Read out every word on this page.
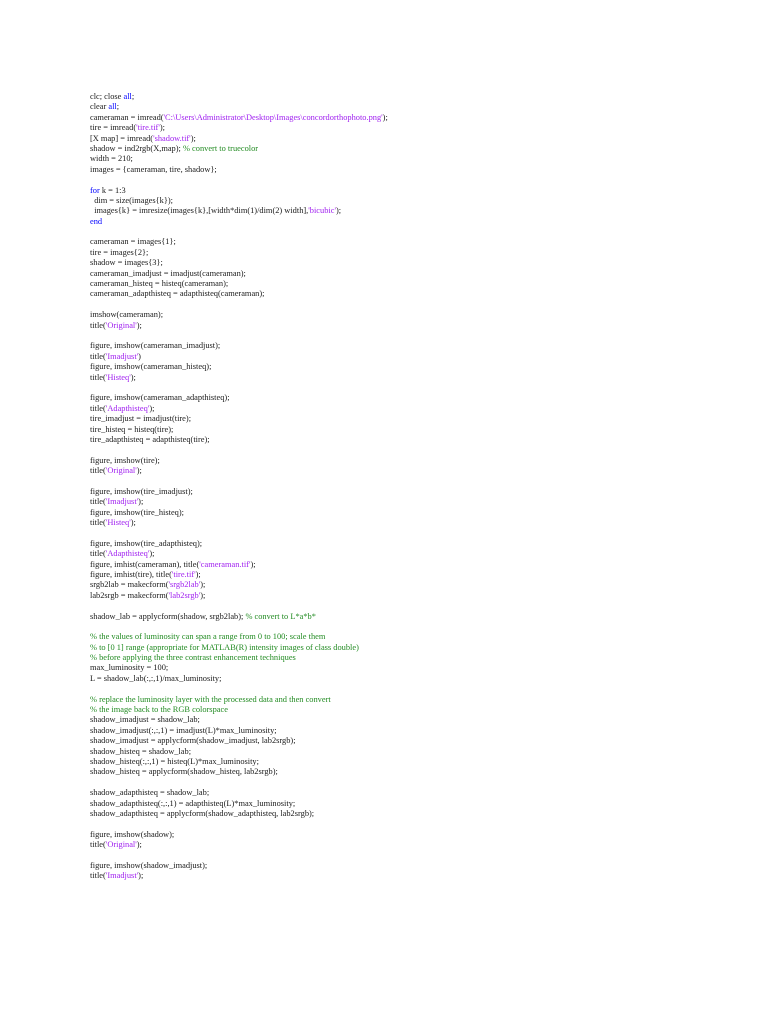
clc; close all;
clear all;
cameraman = imread('C:\Users\Administrator\Desktop\Images\concordorthophoto.png');
tire = imread('tire.tif');
[X map] = imread('shadow.tif');
shadow = ind2rgb(X,map); % convert to truecolor
width = 210;
images = {cameraman, tire, shadow};
for k = 1:3
dim = size(images{k});
images{k} = imresize(images{k},[width*dim(1)/dim(2) width],'bicubic');
end
cameraman = images{1};
tire = images{2};
shadow = images{3};
cameraman_imadjust = imadjust(cameraman);
cameraman_histeq = histeq(cameraman);
cameraman_adapthisteq = adapthisteq(cameraman);
imshow(cameraman);
title('Original');
figure, imshow(cameraman_imadjust);
title('Imadjust')
figure, imshow(cameraman_histeq);
title('Histeq');
figure, imshow(cameraman_adapthisteq);
title('Adapthisteq');
tire_imadjust = imadjust(tire);
tire_histeq = histeq(tire);
tire_adapthisteq = adapthisteq(tire);
figure, imshow(tire);
title('Original');
figure, imshow(tire_imadjust);
title('Imadjust');
figure, imshow(tire_histeq);
title('Histeq');
figure, imshow(tire_adapthisteq);
title('Adapthisteq');
figure, imhist(cameraman), title('cameraman.tif');
figure, imhist(tire), title('tire.tif');
srgb2lab = makecform('srgb2lab');
lab2srgb = makecform('lab2srgb');
shadow_lab = applycform(shadow, srgb2lab); % convert to L*a*b*
% the values of luminosity can span a range from 0 to 100; scale them
% to [0 1] range (appropriate for MATLAB(R) intensity images of class double)
% before applying the three contrast enhancement techniques
max_luminosity = 100;
L = shadow_lab(:,:,1)/max_luminosity;
% replace the luminosity layer with the processed data and then convert
% the image back to the RGB colorspace
shadow_imadjust = shadow_lab;
shadow_imadjust(:,:,1) = imadjust(L)*max_luminosity;
shadow_imadjust = applycform(shadow_imadjust, lab2srgb);
shadow_histeq = shadow_lab;
shadow_histeq(:,:,1) = histeq(L)*max_luminosity;
shadow_histeq = applycform(shadow_histeq, lab2srgb);
shadow_adapthisteq = shadow_lab;
shadow_adapthisteq(:,:,1) = adapthisteq(L)*max_luminosity;
shadow_adapthisteq = applycform(shadow_adapthisteq, lab2srgb);
figure, imshow(shadow);
title('Original');
figure, imshow(shadow_imadjust);
title('Imadjust');
